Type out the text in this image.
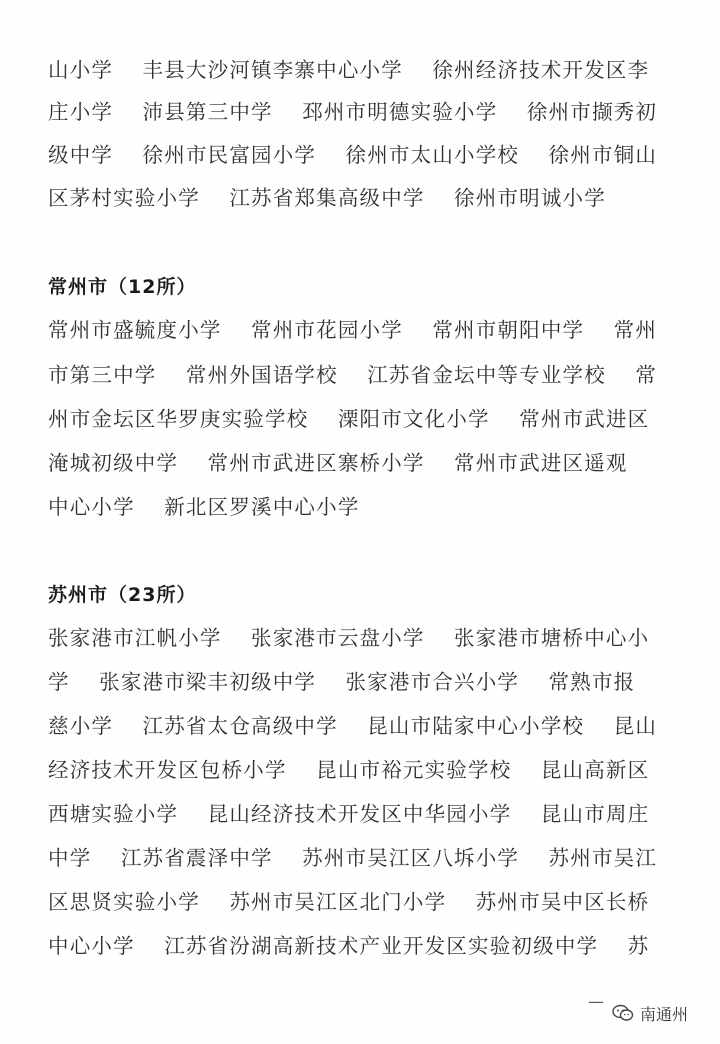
山小学　 丰县大沙河镇李寨中心小学　 徐州经济技术开发区李
庄小学　 沛县第三中学　 邳州市明德实验小学　 徐州市撷秀初
级中学　 徐州市民富园小学　 徐州市太山小学校　 徐州市铜山
区茅村实验小学　 江苏省郑集高级中学　 徐州市明诚小学
常州市（12所）
常州市盛毓度小学　 常州市花园小学　 常州市朝阳中学　 常州
市第三中学　 常州外国语学校　 江苏省金坛中等专业学校　 常
州市金坛区华罗庚实验学校　 溧阳市文化小学　 常州市武进区
淹城初级中学　 常州市武进区寨桥小学　 常州市武进区遥观
中心小学　 新北区罗溪中心小学
苏州市（23所）
张家港市江帆小学　 张家港市云盘小学　 张家港市塘桥中心小
学　 张家港市梁丰初级中学　 张家港市合兴小学　 常熟市报
慈小学　 江苏省太仓高级中学　 昆山市陆家中心小学校　 昆山
经济技术开发区包桥小学　 昆山市裕元实验学校　 昆山高新区
西塘实验小学　 昆山经济技术开发区中华园小学　 昆山市周庄
中学　 江苏省震泽中学　 苏州市吴江区八坼小学　 苏州市吴江
区思贤实验小学　 苏州市吴江区北门小学　 苏州市吴中区长桥
中心小学　 江苏省汾湖高新技术产业开发区实验初级中学　 苏
—
南通州
